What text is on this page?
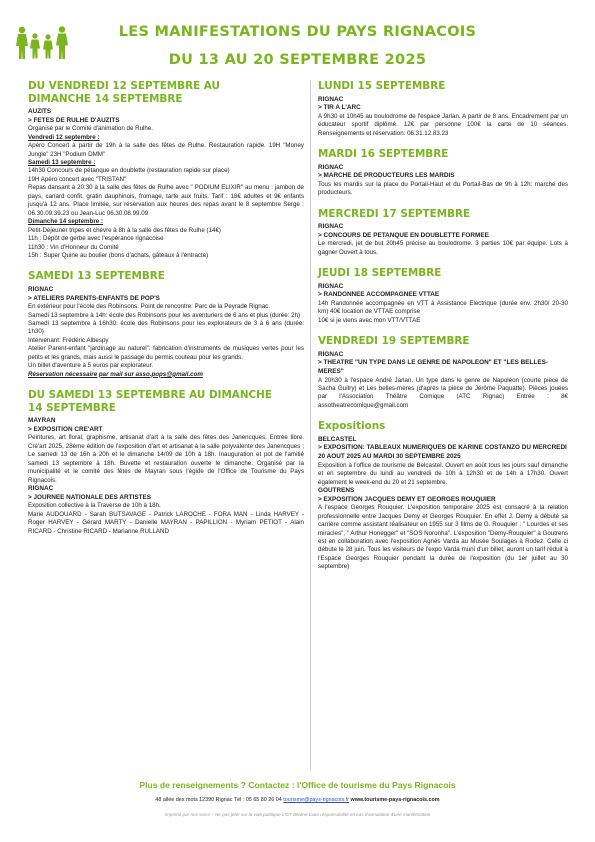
LES MANIFESTATIONS DU PAYS RIGNACOIS
DU 13 AU 20 SEPTEMBRE 2025
DU VENDREDI 12 SEPTEMBRE AU
DIMANCHE 14 SEPTEMBRE
AUZITS
> FETES DE RULHE D'AUZITS

Organisé par le Comité d'animation de Rulhe.

Vendredi 12 septembre :

Apéro Concert à partir de 19h à la salle des fêtes de Rulhe. Restauration rapide. 19H "Money Jungle" 23H "Podium DMM"

Samedi 13 septembre :

14h30 Concours de pétanque en doublette (restauration rapide sur place)

19H Apéro concert avec "TRISTAN"

Repas dansant à 20:30 à la salle des fêtes de Rulhe avec " PODIUM ELIXIR" au menu : jambon de pays, canard confit, gratin dauphinois, fromage, tarte aux fruits. Tarif : 18€ adultes et 9€ enfants jusqu'à 12 ans. Place limitée, sur réservation aux heures des repas avant le 8 septembre Serge : 06.30.09.39.23 ou Jean-Luc 06.30.08.99.09

Dimanche 14 septembre :

Petit-Déjeuner tripes et chèvre à 8h à la salle des fêtes de Rulhe (14€)

11h : Dépôt de gerbe avec l'espérance rignacoise

11h30 : Vin d'Honneur du Comité

15h : Super Quine au boulier (bons d'achats, gâteaux à l'entracte)

SAMEDI 13 SEPTEMBRE
RIGNAC
> ATELIERS PARENTS-ENFANTS DE POP'S

En extérieur pour l'école des Robinsons. Point de rencontre: Parc de la Peyrade Rignac.

Samedi 13 septembre à 14h: école des Robinsons pour les aventuriers de 6 ans et plus (durée: 2h)

Samedi 13 septembre à 16h30: école des Robinsons pour les explorateurs de 3 à 6 ans (durée: 1h30)

Intervenant: Frédéric Albespy

Atelier Parent-enfant "jardinage au naturel": fabrication d'instruments de musiques vertes pour les petits et les grands, mais aussi le passage du permis couteau pour les grands.

Un billet d'aventure à 5 euros par explorateur.

Réservation nécessaire par mail sur asso.pops@gmail.com
DU SAMEDI 13 SEPTEMBRE AU DIMANCHE
14 SEPTEMBRE
MAYRAN
> EXPOSITION CRE'ART

Peintures, art floral, graphisme, artisanat d'art à la salle des fêtes des Janencques. Entrée libre. Cré'art 2025, 28ème édition de l'exposition d'art et artisanat à la salle polyvalente des Janencques ; Le samedi 13 de 16h à 20h et le dimanche 14/09 de 10h à 18h. Inauguration et pot de l'amitié samedi 13 septembre à 18h. Buvette et restauration ouverte le dimanche. Organisé par la municipalité et le comité des fêtes de Mayran sous l'égide de l'Office de Tourisme du Pays Rignacois.

RIGNAC
> JOURNEE NATIONALE DES ARTISTES

Exposition collective à la Traverse de 10h à 18h.

Marie AUDOUARD - Sarah BUTSAVAGE - Patrick LAROCHE - FORA MAN - Linda HARVEY - Roger HARVEY - Gérard MARTY - Danielle MAYRAN - PAPILLION - Myriam PETIOT - Alain RICARD - Christine RICARD - Marianne RULLAND

LUNDI 15 SEPTEMBRE
RIGNAC
> TIR A L'ARC

A 9h30 et 10h45 au boulodrome de l'espace Jarlan. A partir de 8 ans. Encadrement par un éducateur sportif diplômé. 12€ par personne 100€ la carte de 10 séances. Renseignements et réservation: 06.31.12.83.23

MARDI 16 SEPTEMBRE
RIGNAC
> MARCHE DE PRODUCTEURS LES MARDIS

Tous les mardis sur la place du Portail-Haut et du Portail-Bas de 9h à 12h: marché des producteurs.

MERCREDI 17 SEPTEMBRE
RIGNAC
> CONCOURS DE PETANQUE EN DOUBLETTE FORMEE

Le mercredi, jet de but 20h45 précise au boulodrome. 3 parties 10€ par équipe. Lots à gagner Ouvert à tous.

JEUDI 18 SEPTEMBRE
RIGNAC
> RANDONNEE ACCOMPAGNEE VTTAE

14h Randonnée accompagnée en VTT à Assistance Electrique (durée env. 2h30/ 20-30 km) 40€ location de VTTAE comprise

10€ si je viens avec mon VTT/VTTAE

VENDREDI 19 SEPTEMBRE
RIGNAC
> THEATRE "UN TYPE DANS LE GENRE DE NAPOLEON" ET "LES BELLES-MERES"

A 20h30 à l'espace André Jarlan. Un type dans le genre de Napoléon (courte pièce de Sacha Guitry) et Les belles-mères (d'après la pièce de Jérôme Paquatte). Pièces jouées par l'Association Théâtre Comique (ATC Rignac) Entrée : 8€ assotheatrecomique@gmail.com

Expositions
BELCASTEL
> EXPOSITION: TABLEAUX NUMERIQUES DE KARINE COSTANZO DU MERCREDI 20 AOUT 2025 AU MARDI 30 SEPTEMBRE 2025

Exposition à l'office de tourisme de Belcastel. Ouvert en août tous les jours sauf dimanche et en septembre du lundi au vendredi de 10h à 12h30 et de 14h à 17h30. Ouvert également le week-end du 20 et 21 septembre.

GOUTRENS
> EXPOSITION JACQUES DEMY ET GEORGES ROUQUIER

A l'espace Georges Rouquier. L'exposition temporaire 2025 est consacré à la relation professionnelle entre Jacques Demy et Georges Rouquier. En effet J. Demy a débuté sa carrière comme assistant réalisateur en 1955 sur 3 films de G. Rouquier : " Lourdes et ses miracles", " Arthur Honegger" et "SOS Noronha". L'exposition "Demy-Rouquier" à Goutrens est en collaboration avec l'exposition Agnès Varda au Musée Soulages à Rodez. Celle ci débute le 28 juin. Tous les visiteurs de l'expo Varda muni d'un billet, auront un tarif réduit à l'Espace Georges Rouquier pendant la durée de l'exposition (du 1er juillet au 30 septembre)

Plus de renseignements ? Contactez : l'Office de tourisme du Pays Rignacois
48 allée des mots 12390 Rignac Tél : 05 65 80 26 04 tourisme@pays-rignacois.fr www.tourisme-pays-rignacois.com
Imprimé par nos soins – Ne pas jeter sur la voie publique L'OT décline toute responsabilité en cas d'annulation d'une manifestation
